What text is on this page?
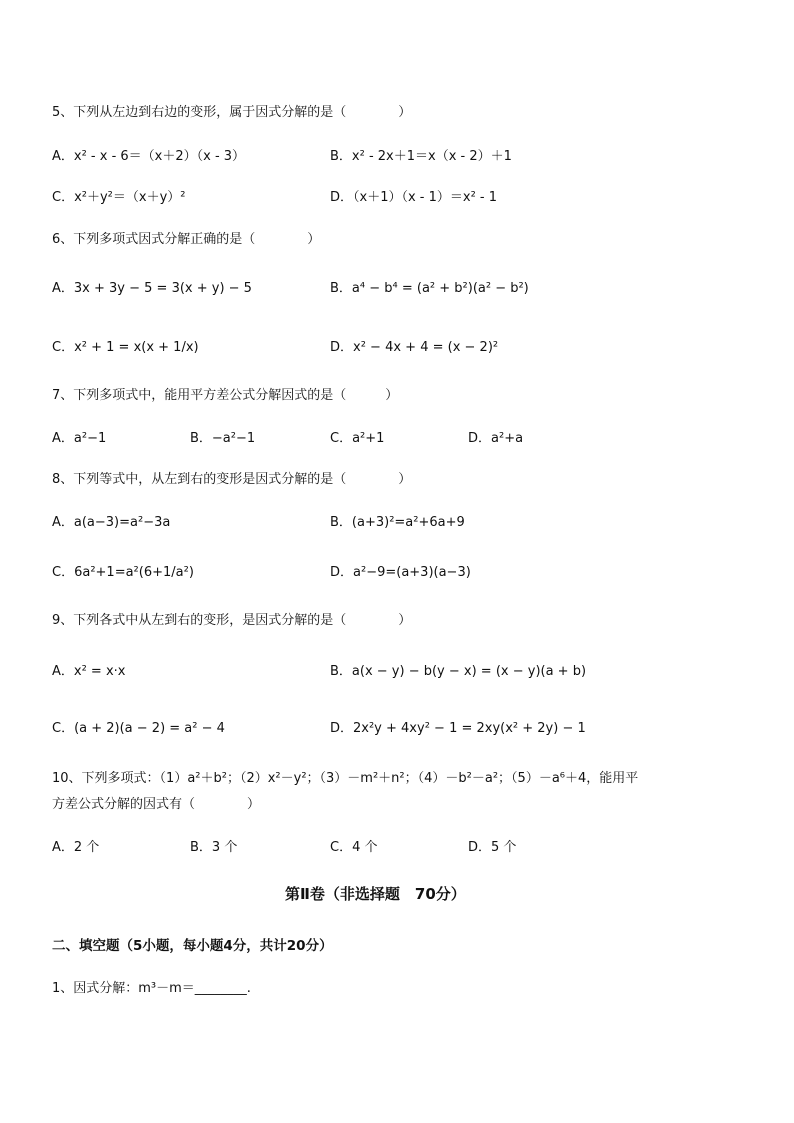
5、下列从左边到右边的变形，属于因式分解的是（　　　　）
A．x² - x - 6＝（x＋2）（x - 3）	B．x² - 2x＋1＝x（x - 2）＋1
C．x²＋y²＝（x＋y）²	D．（x＋1）（x - 1）＝x² - 1
6、下列多项式因式分解正确的是（　　　　）
A．3x + 3y − 5 = 3(x + y) − 5	B．a⁴ − b⁴ = (a² + b²)(a² − b²)
C．x² + 1 = x(x + 1/x)	D．x² − 4x + 4 = (x − 2)²
7、下列多项式中，能用平方差公式分解因式的是（　　　）
A．a²−1	B．−a²−1	C．a²+1	D．a²+a
8、下列等式中，从左到右的变形是因式分解的是（　　　　）
A．a(a−3)=a²−3a	B．(a+3)²=a²+6a+9
C．6a²+1=a²(6+1/a²)	D．a²−9=(a+3)(a−3)
9、下列各式中从左到右的变形，是因式分解的是（　　　　）
A．x² = x·x	B．a(x − y) − b(y − x) = (x − y)(a + b)
C．(a + 2)(a − 2) = a² − 4	D．2x²y + 4xy² − 1 = 2xy(x² + 2y) − 1
10、下列多项式：（1）a²＋b²；（2）x²－y²；（3）－m²＋n²；（4）－b²－a²；（5）－a⁶＋4，能用平
方差公式分解的因式有（　　　　）
A．2 个	B．3 个	C．4 个	D．5 个
第Ⅱ卷（非选择题　70分）
二、填空题（5小题，每小题4分，共计20分）
1、因式分解：m³－m＝________.
